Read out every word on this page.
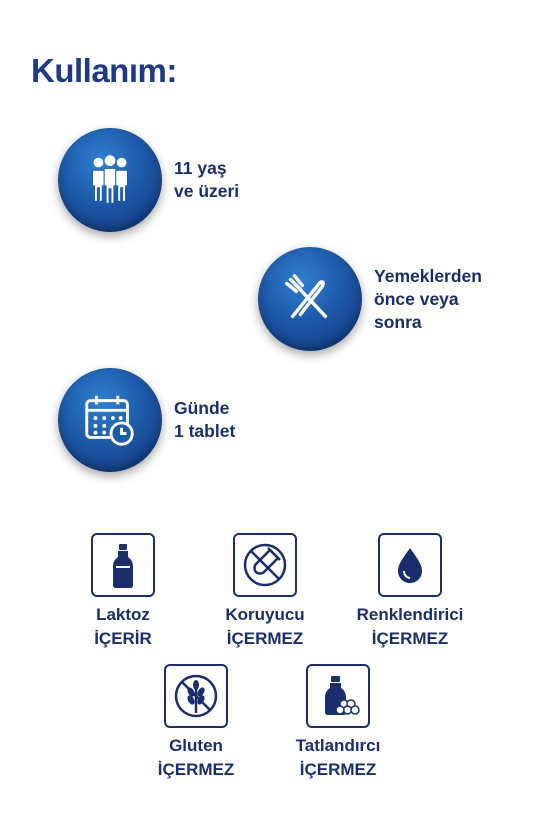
Kullanım:
11 yaş
ve üzeri
Yemeklerden
önce veya
sonra
Günde
1 tablet
Laktoz
İÇERİR
Koruyucu
İÇERMEZ
Renklendirici
İÇERMEZ
Gluten
İÇERMEZ
Tatlandırcı
İÇERMEZ
